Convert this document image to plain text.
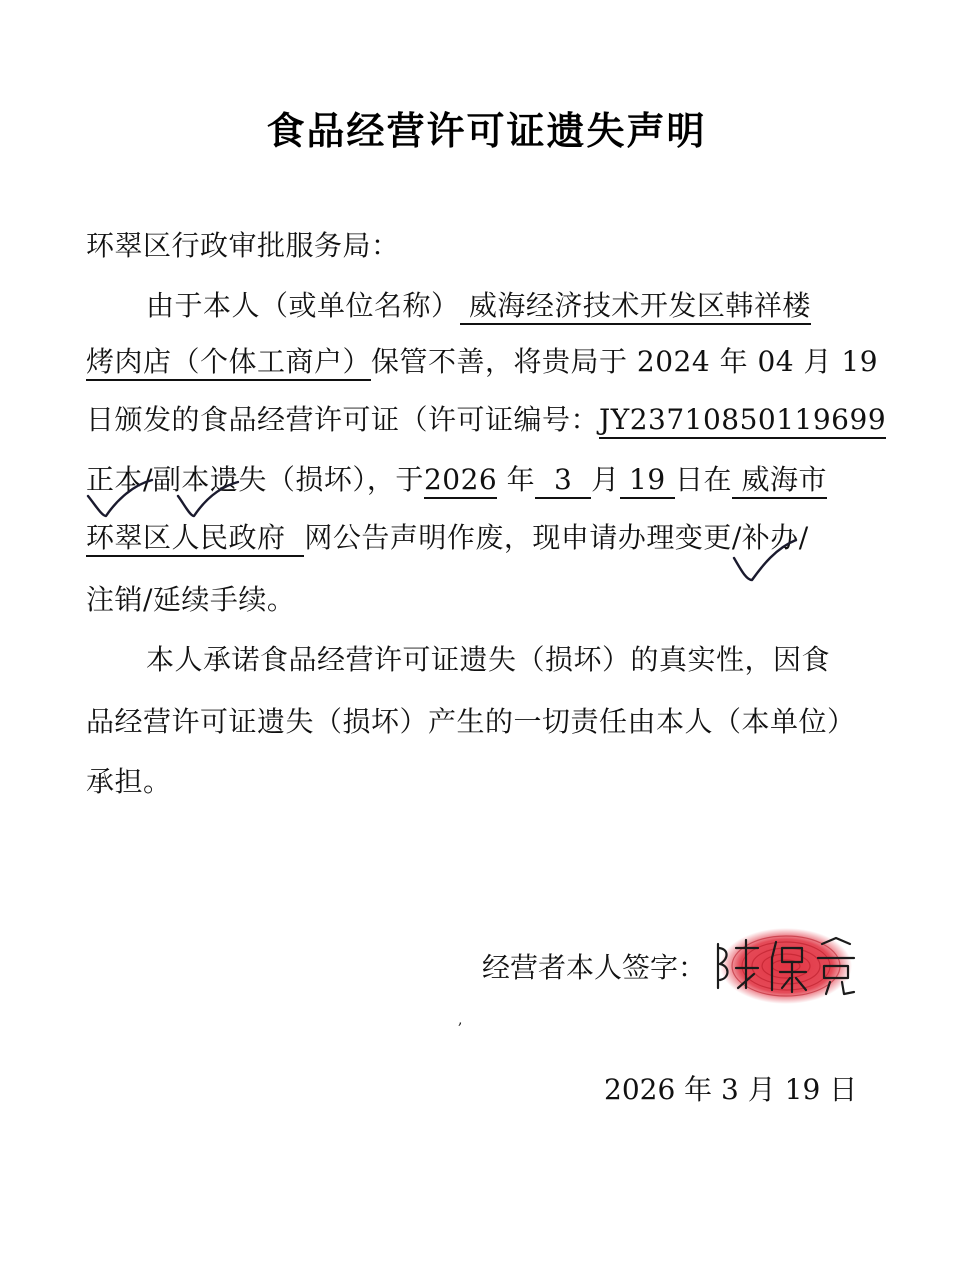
食品经营许可证遗失声明
环翠区行政审批服务局：
由于本人（或单位名称） 威海经济技术开发区韩祥楼
烤肉店（个体工商户）保管不善，将贵局于 2024 年 04 月 19
日颁发的食品经营许可证（许可证编号：JY23710850119699
正本/副本遗失（损坏），于2026 年 3 月 19 日在 威海市
环翠区人民政府 网公告声明作废，现申请办理变更/补办/
注销/延续手续。
本人承诺食品经营许可证遗失（损坏）的真实性，因食
品经营许可证遗失（损坏）产生的一切责任由本人（本单位）
承担。
经营者本人签字：
,
2026 年 3 月 19 日
